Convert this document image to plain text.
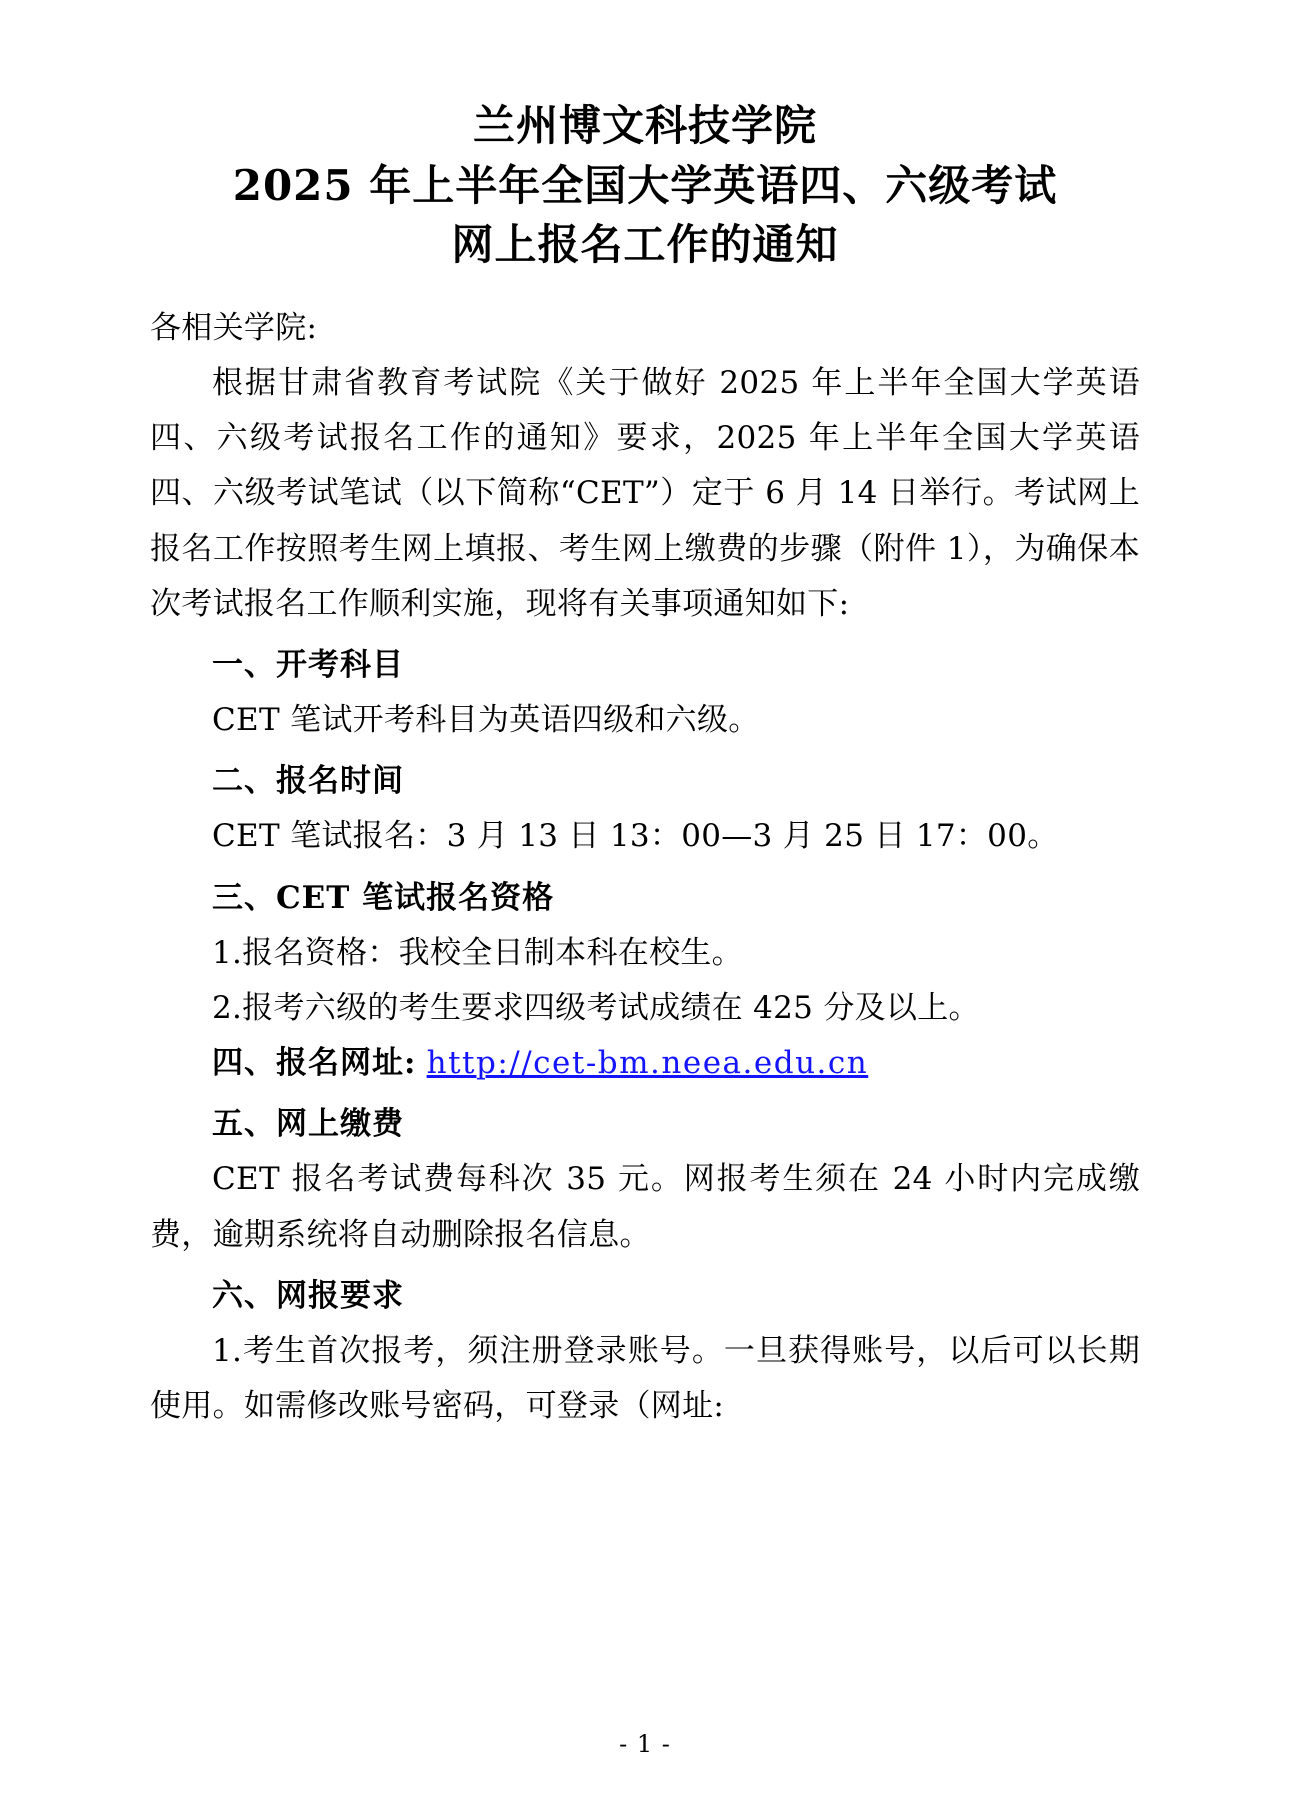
兰州博文科技学院
2025 年上半年全国大学英语四、六级考试
网上报名工作的通知

各相关学院:

根据甘肃省教育考试院《关于做好 2025 年上半年全国大学英语四、六级考试报名工作的通知》要求，2025 年上半年全国大学英语四、六级考试笔试（以下简称“CET”）定于 6 月 14 日举行。考试网上报名工作按照考生网上填报、考生网上缴费的步骤（附件 1），为确保本次考试报名工作顺利实施，现将有关事项通知如下:

一、开考科目

CET 笔试开考科目为英语四级和六级。

二、报名时间

CET 笔试报名：3 月 13 日 13：00—3 月 25 日 17：00。

三、CET 笔试报名资格

1.报名资格：我校全日制本科在校生。

2.报考六级的考生要求四级考试成绩在 425 分及以上。

四、报名网址: http://cet-bm.neea.edu.cn

五、网上缴费

CET 报名考试费每科次 35 元。网报考生须在 24 小时内完成缴费，逾期系统将自动删除报名信息。

六、网报要求

1.考生首次报考，须注册登录账号。一旦获得账号，以后可以长期使用。如需修改账号密码，可登录（网址:

- 1 -
